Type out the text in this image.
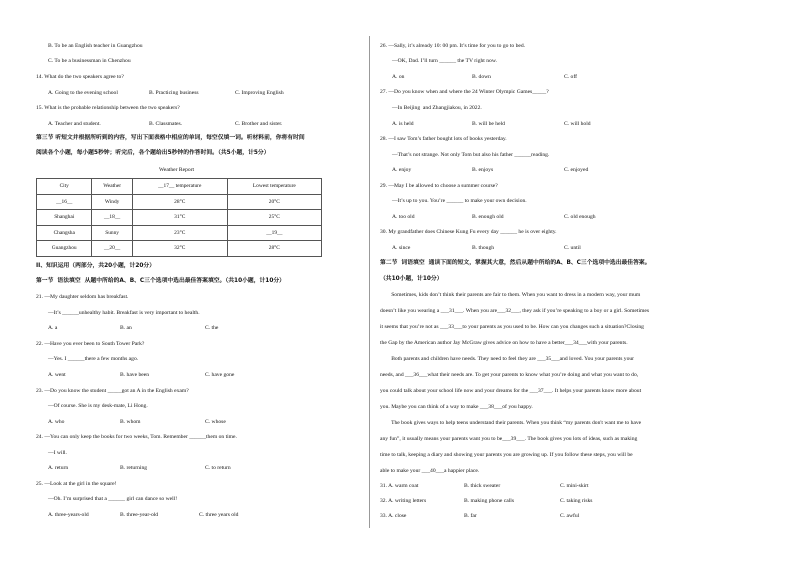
B. To be an English teacher in Guangzhou
C. To be a businessman in Chenzhou
14. What do the two speakers agree to?
A. Going to the evening school	B. Practicing business	C. Improving English
15. What is the probable relationship between the two speakers?
A. Teacher and student.	B. Classmates.	C. Brother and sister.
第三节 听短文并根据所听到的内容，写出下面表格中相应的单词，每空仅填一词。听材料前，你将有时间
阅读各个小题，每小题5秒钟；听完后，各个题给出5秒钟的作答时间。（共5小题，计5分）
Weather Report
City	Weather	__17__ temperature	Lowest temperature
__16__	Windy	28°C	20°C
Shanghai	__18__	31°C	25°C
Changsha	Sunny	23°C	__19__
Guangzhou	__20__	32°C	28°C
II、知识运用（两部分，共20小题，计20分）
第一节  语法填空  从题中所给的A、B、C三个选项中选出最佳答案填空。（共10小题，计10分）
21. —My daughter seldom has breakfast.
—It’s ______unhealthy habit. Breakfast is very important to health.
A. a	B. an	C. the
22. —Have you ever been to South Tower Park?
—Yes. I ______there a few months ago.
A. went	B. have been	C. have gone
23. —Do you know the student _____got an A in the English exam?
—Of course. She is my desk-mate, Li Hong.
A. who	B. whom	C. whose
24. —You can only keep the books for two weeks, Tom. Remember ______them on time.
—I will.
A. return	B. returning	C. to return
25. —Look at the girl in the square!
—Oh. I’m surprised that a ______ girl can dance so well!
A. three-years-old	B. three-year-old	C. three years old
26. —Sally, it’s already 10: 00 pm. It’s time for you to go to bed.
—OK, Dad. I’ll turn ______ the TV right now.
A. on	B. down	C. off
27. —Do you know when and where the 24 Winter Olympic Games_____?
—In Beijing  and Zhangjiakou, in 2022.
A. is held	B. will be held	C. will hold
28. —I saw Tom’s father bought lots of books yesterday.
—That’s not strange. Not only Tom but also his father ______reading.
A. enjoy	B. enjoys	C. enjoyed
29. —May I be allowed to choose a summer course?
—It’s up to you. You’re ______ to make your own decision.
A. too old	B. enough old	C. old enough
30. My grandfather does Chinese Kung Fu every day ______ he is over eighty.
A. since	B. though	C. until
第二节  词语填空  通读下面的短文，掌握其大意，然后从题中所给的A、B、C三个选项中选出最佳答案。
（共10小题，计10分）
Sometimes, kids don’t think their parents are fair to them. When you want to dress in a modern way, your mum
doesn’t like you wearing a ___31___. When you are___32___, they ask if you’re speaking to a boy or a girl. Sometimes
it seems that you’re not as ___33___to your parents as you used to be. How can you changes such a situation?Closing
the Gap by the American author Jay McGraw gives advice on how to have a better___34___with your parents.
Both parents and children have needs. They need to feel they are ___35___and loved. You your parents your
needs, and ___36___what their needs are. To get your parents to know what you’re doing and what you want to do,
you could talk about your school life now and your dreams for the ___37___. It helps your parents know more about
you. Maybe you can think of a way to make ___38___of you happy.
The book gives ways to help teens understand their parents. When you think “my parents don't want me to have
any fun”, it usually means your parents want you to be___39___. The book gives you lots of ideas, such as making
time to talk, keeping a diary and showing your parents you are growing up. If you follow these steps, you will be
able to make your ___40___a happier place.
31. A. warm coat	B. thick sweater	C. mini-skirt
32. A. writing letters	B. making phone calls	C. taking risks
33. A. close	B. far	C. awful
